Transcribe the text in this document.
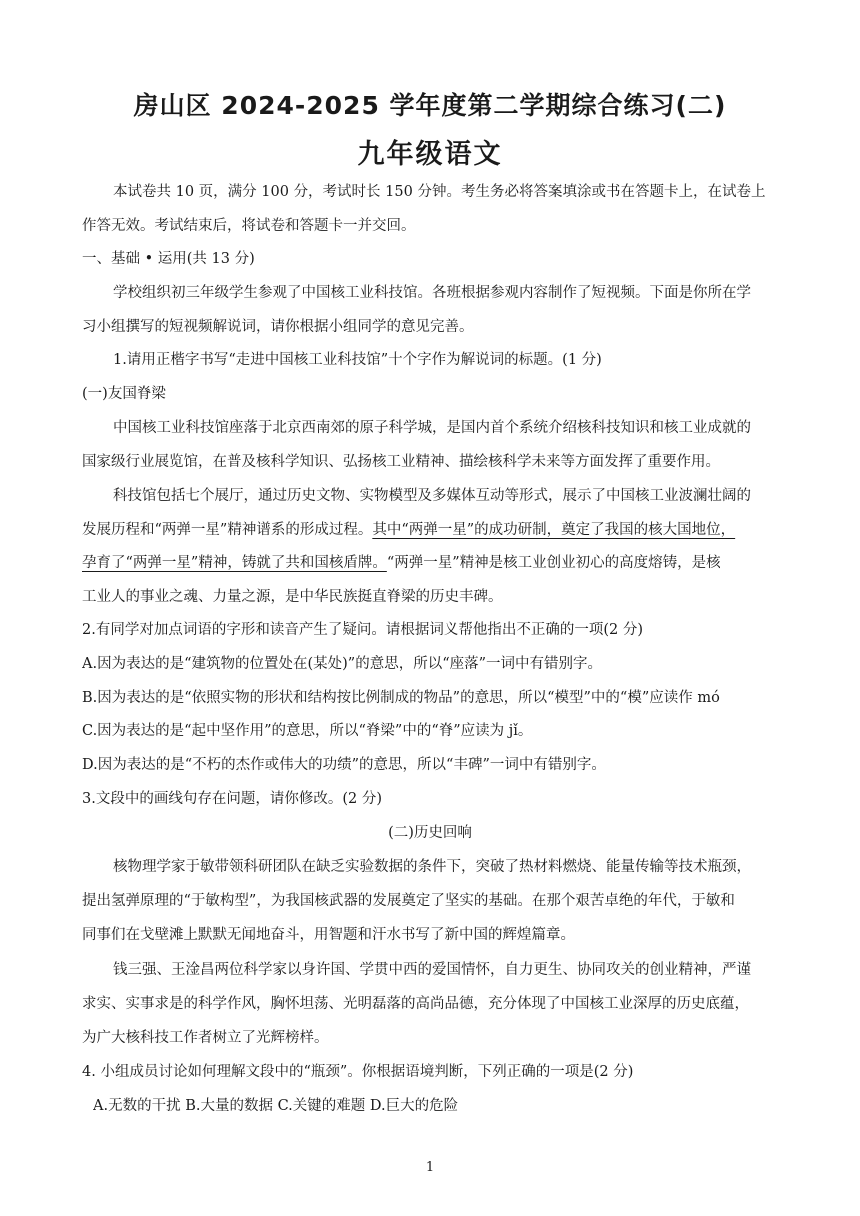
房山区 2024-2025 学年度第二学期综合练习(二)
九年级语文
本试卷共 10 页，满分 100 分，考试时长 150 分钟。考生务必将答案填涂或书在答题卡上，在试卷上
作答无效。考试结束后，将试卷和答题卡一并交回。
一、基础 • 运用(共 13 分)
学校组织初三年级学生参观了中国核工业科技馆。各班根据参观内容制作了短视频。下面是你所在学
习小组撰写的短视频解说词，请你根据小组同学的意见完善。
1.请用正楷字书写“走进中国核工业科技馆”十个字作为解说词的标题。(1 分)
(一)友国脊梁
中国核工业科技馆座落于北京西南郊的原子科学城，是国内首个系统介绍核科技知识和核工业成就的
国家级行业展览馆，在普及核科学知识、弘扬核工业精神、描绘核科学未来等方面发挥了重要作用。
科技馆包括七个展厅，通过历史文物、实物模型及多媒体互动等形式，展示了中国核工业波澜壮阔的
发展历程和“两弹一星”精神谱系的形成过程。其中“两弹一星”的成功研制，奠定了我国的核大国地位，
孕育了“两弹一星”精神，铸就了共和国核盾牌。“两弹一星”精神是核工业创业初心的高度熔铸，是核
工业人的事业之魂、力量之源，是中华民族挺直脊梁的历史丰碑。
2.有同学对加点词语的字形和读音产生了疑问。请根据词义帮他指出不正确的一项(2 分)
A.因为表达的是“建筑物的位置处在(某处)”的意思，所以“座落”一词中有错别字。
B.因为表达的是“依照实物的形状和结构按比例制成的物品”的意思，所以“模型”中的“模”应读作 mó
C.因为表达的是“起中坚作用”的意思，所以“脊梁”中的“脊”应读为 jǐ。
D.因为表达的是“不朽的杰作或伟大的功绩”的意思，所以“丰碑”一词中有错别字。
3.文段中的画线句存在问题，请你修改。(2 分)
(二)历史回响
核物理学家于敏带领科研团队在缺乏实验数据的条件下，突破了热材料燃烧、能量传输等技术瓶颈，
提出氢弹原理的“于敏构型”，为我国核武器的发展奠定了坚实的基础。在那个艰苦卓绝的年代，于敏和
同事们在戈壁滩上默默无闻地奋斗，用智题和汗水书写了新中国的辉煌篇章。
钱三强、王淦昌两位科学家以身许国、学贯中西的爱国情怀，自力更生、协同攻关的创业精神，严谨
求实、实事求是的科学作风，胸怀坦荡、光明磊落的高尚品德，充分体现了中国核工业深厚的历史底蕴，
为广大核科技工作者树立了光辉榜样。
4. 小组成员讨论如何理解文段中的“瓶颈”。你根据语境判断，下列正确的一项是(2 分)
A.无数的干扰 B.大量的数据 C.关键的难题 D.巨大的危险
1
